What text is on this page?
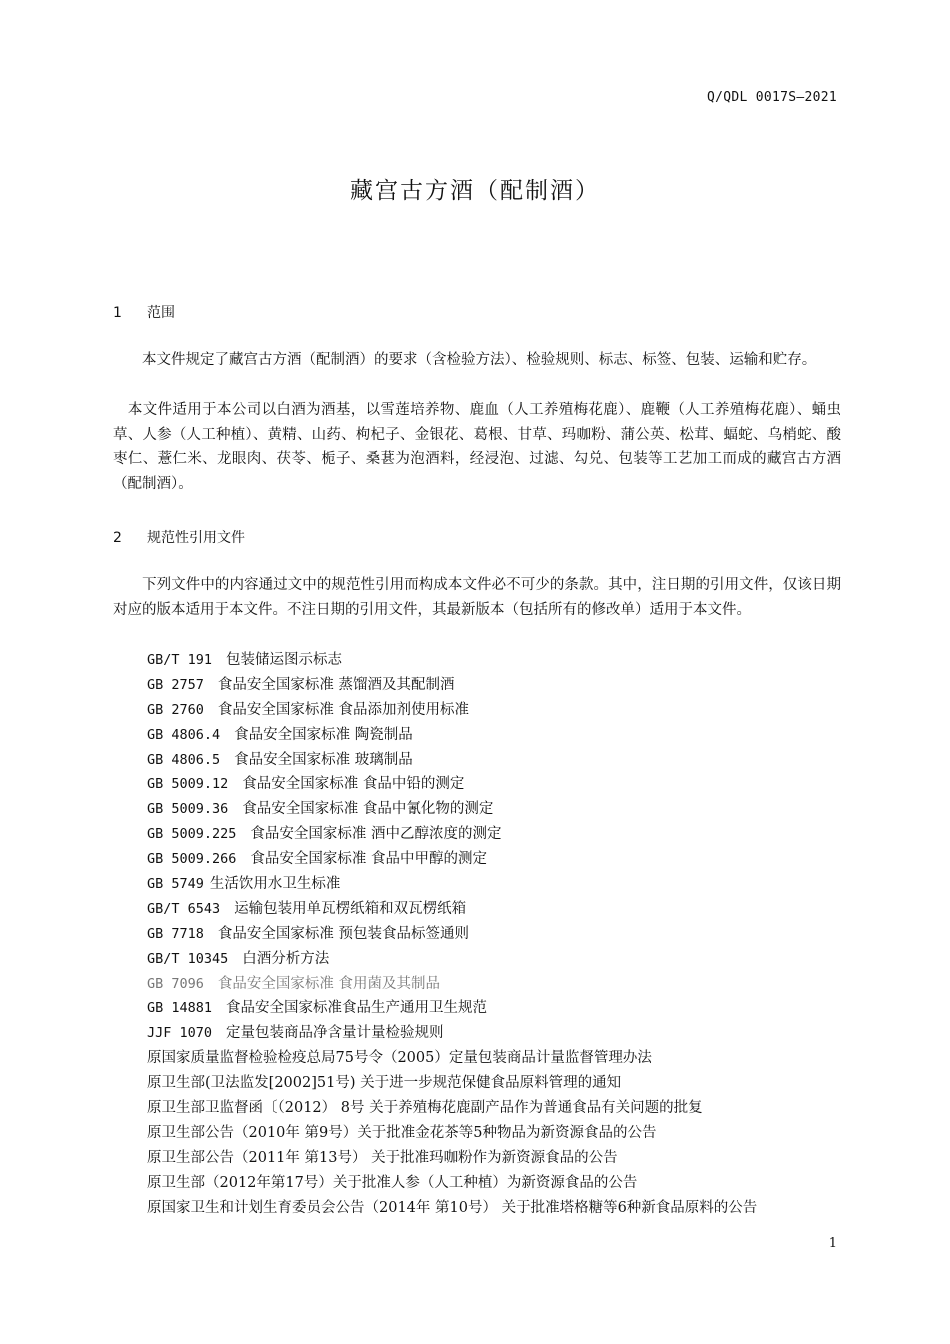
Q/QDL 0017S—2021
藏宫古方酒（配制酒）
1 范围

　　本文件规定了藏宫古方酒（配制酒）的要求（含检验方法）、检验规则、标志、标签、包装、运输和贮存。

　本文件适用于本公司以白酒为酒基，以雪莲培养物、鹿血（人工养殖梅花鹿）、鹿鞭（人工养殖梅花鹿）、蛹虫草、人参（人工种植）、黄精、山药、枸杞子、金银花、葛根、甘草、玛咖粉、蒲公英、松茸、蝠蛇、乌梢蛇、酸枣仁、薏仁米、龙眼肉、茯苓、栀子、桑葚为泡酒料，经浸泡、过滤、勾兑、包装等工艺加工而成的藏宫古方酒（配制酒）。

2 规范性引用文件

　　下列文件中的内容通过文中的规范性引用而构成本文件必不可少的条款。其中，注日期的引用文件，仅该日期对应的版本适用于本文件。不注日期的引用文件，其最新版本（包括所有的修改单）适用于本文件。

GB/T 191 包装储运图示标志
GB 2757 食品安全国家标准 蒸馏酒及其配制酒
GB 2760 食品安全国家标准 食品添加剂使用标准
GB 4806.4 食品安全国家标准 陶瓷制品
GB 4806.5 食品安全国家标准 玻璃制品
GB 5009.12 食品安全国家标准 食品中铅的测定
GB 5009.36 食品安全国家标准 食品中氰化物的测定
GB 5009.225 食品安全国家标准 酒中乙醇浓度的测定
GB 5009.266 食品安全国家标准 食品中甲醇的测定
GB 5749 生活饮用水卫生标准
GB/T 6543 运输包装用单瓦楞纸箱和双瓦楞纸箱
GB 7718 食品安全国家标准 预包装食品标签通则
GB/T 10345 白酒分析方法
GB 7096 食品安全国家标准 食用菌及其制品
GB 14881 食品安全国家标准食品生产通用卫生规范
JJF 1070 定量包装商品净含量计量检验规则
原国家质量监督检验检疫总局75号令（2005）定量包装商品计量监督管理办法
原卫生部(卫法监发[2002]51号) 关于进一步规范保健食品原料管理的通知
原卫生部卫监督函〔（2012） 8号 关于养殖梅花鹿副产品作为普通食品有关问题的批复
原卫生部公告（2010年 第9号）关于批准金花茶等5种物品为新资源食品的公告
原卫生部公告（2011年 第13号） 关于批准玛咖粉作为新资源食品的公告
原卫生部（2012年第17号）关于批准人参（人工种植）为新资源食品的公告
原国家卫生和计划生育委员会公告（2014年 第10号） 关于批准塔格糖等6种新食品原料的公告
1
